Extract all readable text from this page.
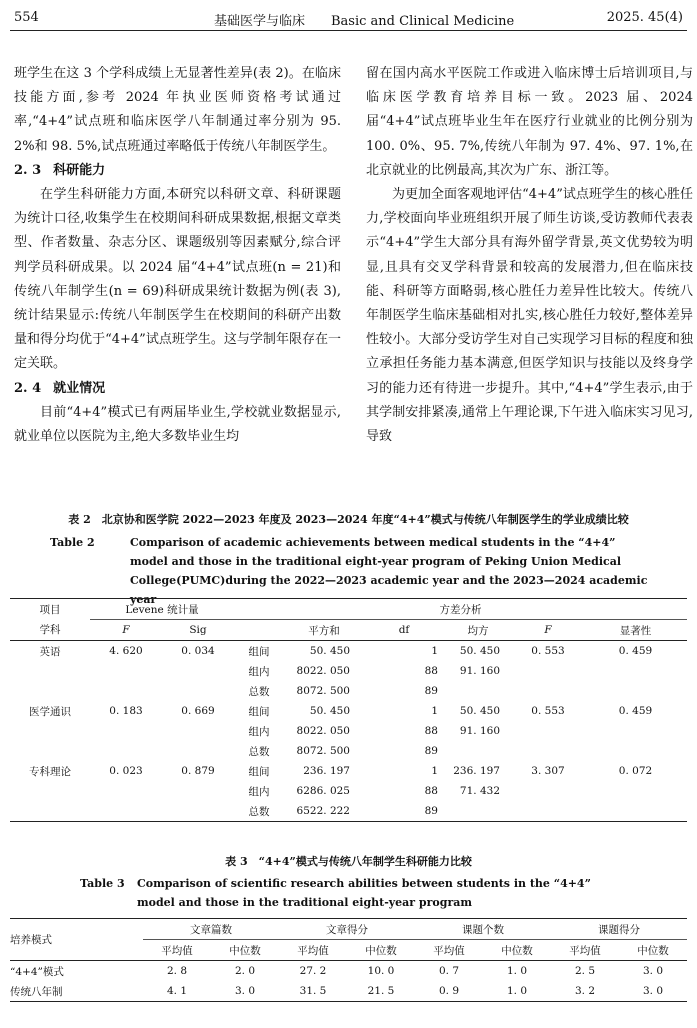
554	基础医学与临床　　Basic and Clinical Medicine	2025. 45(4)

班学生在这 3 个学科成绩上无显著性差异(表 2)。在临床技能方面,参考 2024 年执业医师资格考试通过率,“4+4”试点班和临床医学八年制通过率分别为 95. 2%和 98. 5%,试点班通过率略低于传统八年制医学生。

2. 3 科研能力

在学生科研能力方面,本研究以科研文章、科研课题为统计口径,收集学生在校期间科研成果数据,根据文章类型、作者数量、杂志分区、课题级别等因素赋分,综合评判学员科研成果。以 2024 届“4+4”试点班(n = 21)和传统八年制学生(n = 69)科研成果统计数据为例(表 3),统计结果显示:传统八年制医学生在校期间的科研产出数量和得分均优于“4+4”试点班学生。这与学制年限存在一定关联。

2. 4 就业情况

目前“4+4”模式已有两届毕业生,学校就业数据显示,就业单位以医院为主,绝大多数毕业生均

留在国内高水平医院工作或进入临床博士后培训项目,与临床医学教育培养目标一致。2023 届、2024 届“4+4”试点班毕业生年在医疗行业就业的比例分别为 100. 0%、95. 7%,传统八年制为 97. 4%、97. 1%,在北京就业的比例最高,其次为广东、浙江等。

为更加全面客观地评估“4+4”试点班学生的核心胜任力,学校面向毕业班组织开展了师生访谈,受访教师代表表示“4+4”学生大部分具有海外留学背景,英文优势较为明显,且具有交叉学科背景和较高的发展潜力,但在临床技能、科研等方面略弱,核心胜任力差异性比较大。传统八年制医学生临床基础相对扎实,核心胜任力较好,整体差异性较小。大部分受访学生对自己实现学习目标的程度和独立承担任务能力基本满意,但医学知识与技能以及终身学习的能力还有待进一步提升。其中,“4+4”学生表示,由于其学制安排紧凑,通常上午理论课,下午进入临床实习见习,导致

表 2　北京协和医学院 2022—2023 年度及 2023—2024 年度“4+4”模式与传统八年制医学生的学业成绩比较
Table 2	Comparison of academic achievements between medical students in the “4+4” model and those in the traditional eight-year program of Peking Union Medical College(PUMC)during the 2022—2023 academic year and the 2023—2024 academic year
项目	Levene 统计量		方差分析					
学科	F	Sig		平方和	df	均方	F	显著性
英语	4. 620	0. 034	组间	50. 450	1	50. 450	0. 553	0. 459
			组内	8022. 050	88	91. 160		
			总数	8072. 500	89			
医学通识	0. 183	0. 669	组间	50. 450	1	50. 450	0. 553	0. 459
			组内	8022. 050	88	91. 160		
			总数	8072. 500	89			
专科理论	0. 023	0. 879	组间	236. 197	1	236. 197	3. 307	0. 072
			组内	6286. 025	88	71. 432		
			总数	6522. 222	89			
表 3　“4+4”模式与传统八年制学生科研能力比较
Table 3 Comparison of scientific research abilities between students in the “4+4” model and those in the traditional eight-year program
培养模式	文章篇数		文章得分		课题个数		课题得分	
	平均值	中位数	平均值	中位数	平均值	中位数	平均值	中位数
“4+4”模式	2. 8	2. 0	27. 2	10. 0	0. 7	1. 0	2. 5	3. 0
传统八年制	4. 1	3. 0	31. 5	21. 5	0. 9	1. 0	3. 2	3. 0
